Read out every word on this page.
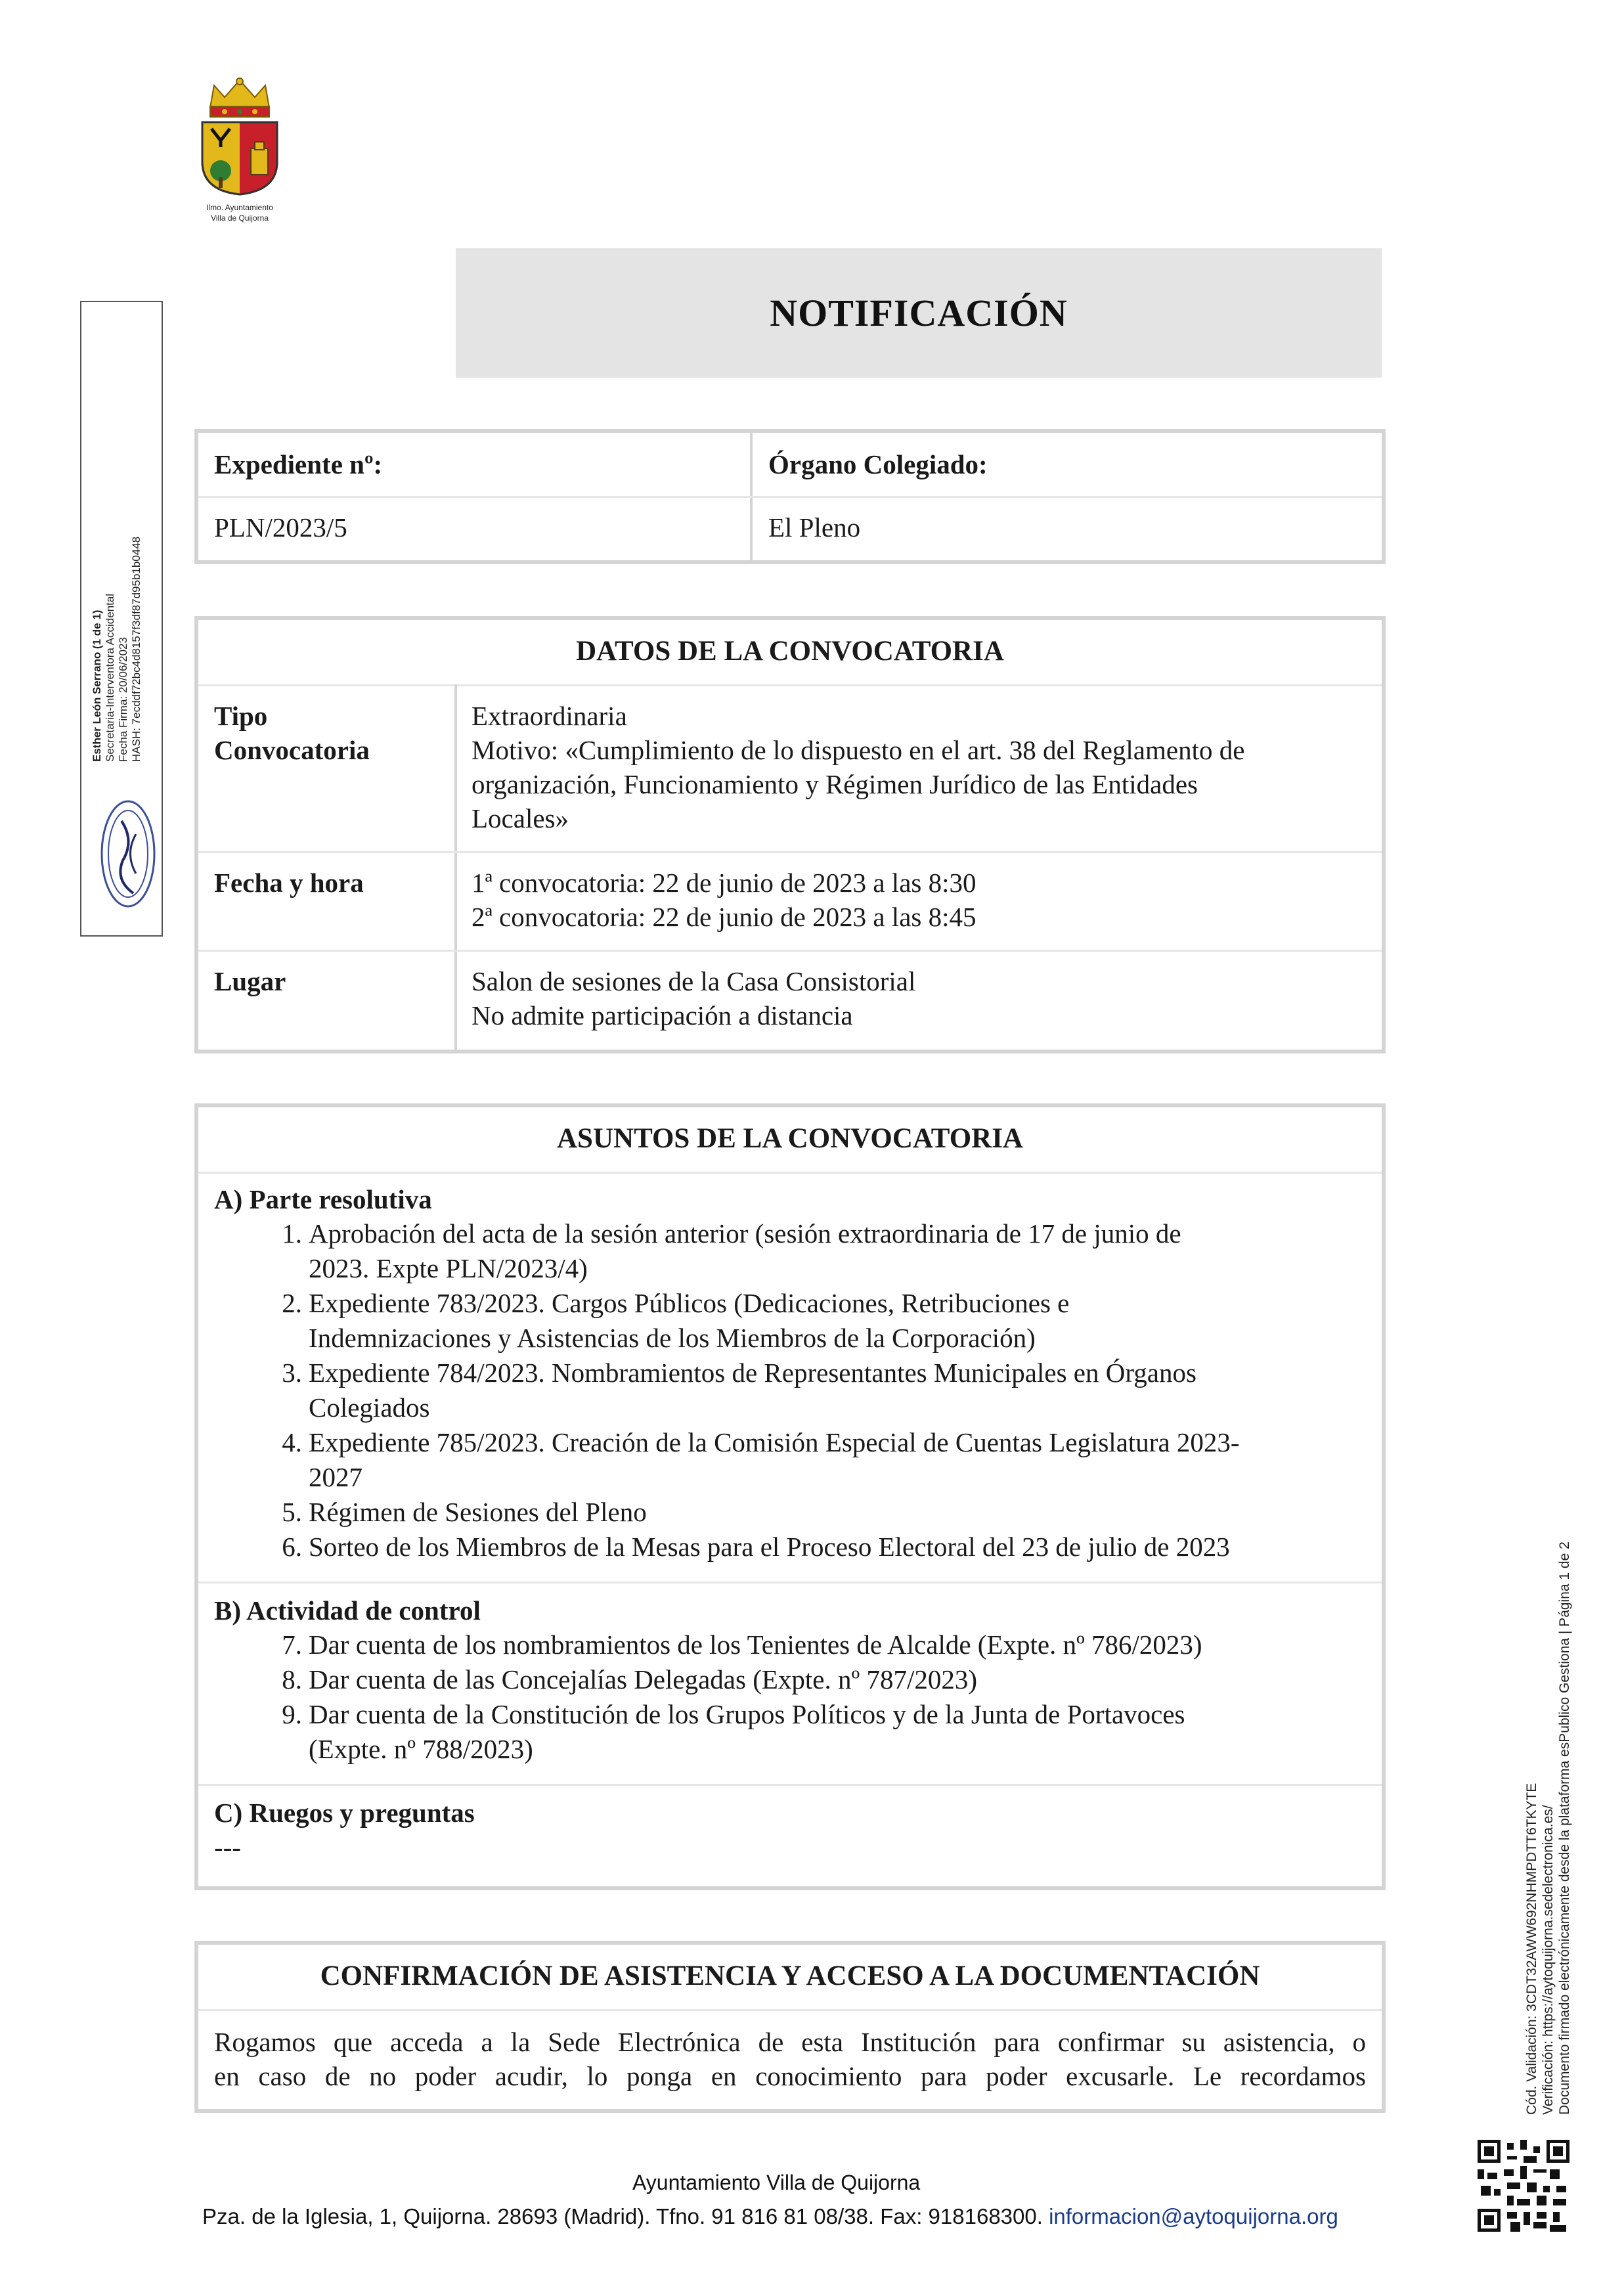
Ilmo. Ayuntamiento
Villa de Quijorna
Esther León Serrano (1 de 1) Secretaria-Interventora Accidental Fecha Firma: 20/06/2023 HASH: 7ecddf72bc4d8157f3df87d95b1b0448
Cód. Validación: 3CDT32AWW692NHMPDTT6TKYTE Verificación: https://aytoquijorna.sedelectronica.es/ Documento firmado electrónicamente desde la plataforma esPublico Gestiona | Página 1 de 2
NOTIFICACIÓN
Expediente nº:
PLN/2023/5
Órgano Colegiado:
El Pleno
DATOS DE LA CONVOCATORIA
Tipo
Convocatoria
Extraordinaria
Motivo: «Cumplimiento de lo dispuesto en el art. 38 del Reglamento de
organización, Funcionamiento y Régimen Jurídico de las Entidades
Locales»
Fecha y hora	1ª convocatoria: 22 de junio de 2023 a las 8:30
2ª convocatoria: 22 de junio de 2023 a las 8:45
Lugar	Salon de sesiones de la Casa Consistorial
No admite participación a distancia
ASUNTOS DE LA CONVOCATORIA
A) Parte resolutiva
1. Aprobación del acta de la sesión anterior (sesión extraordinaria de 17 de junio de
2023. Expte PLN/2023/4)
2. Expediente 783/2023. Cargos Públicos (Dedicaciones, Retribuciones e
Indemnizaciones y Asistencias de los Miembros de la Corporación)
3. Expediente 784/2023. Nombramientos de Representantes Municipales en Órganos
Colegiados
4. Expediente 785/2023. Creación de la Comisión Especial de Cuentas Legislatura 2023-
2027
5. Régimen de Sesiones del Pleno
6. Sorteo de los Miembros de la Mesas para el Proceso Electoral del 23 de julio de 2023
B) Actividad de control
7. Dar cuenta de los nombramientos de los Tenientes de Alcalde (Expte. nº 786/2023)
8. Dar cuenta de las Concejalías Delegadas (Expte. nº 787/2023)
9. Dar cuenta de la Constitución de los Grupos Políticos y de la Junta de Portavoces
(Expte. nº 788/2023)
C) Ruegos y preguntas
---
CONFIRMACIÓN DE ASISTENCIA Y ACCESO A LA DOCUMENTACIÓN
Rogamos que acceda a la Sede Electrónica de esta Institución para confirmar su asistencia, o
en caso de no poder acudir, lo ponga en conocimiento para poder excusarle. Le recordamos
Ayuntamiento Villa de Quijorna
Pza. de la Iglesia, 1, Quijorna. 28693 (Madrid). Tfno. 91 816 81 08/38. Fax: 918168300. informacion@aytoquijorna.org
